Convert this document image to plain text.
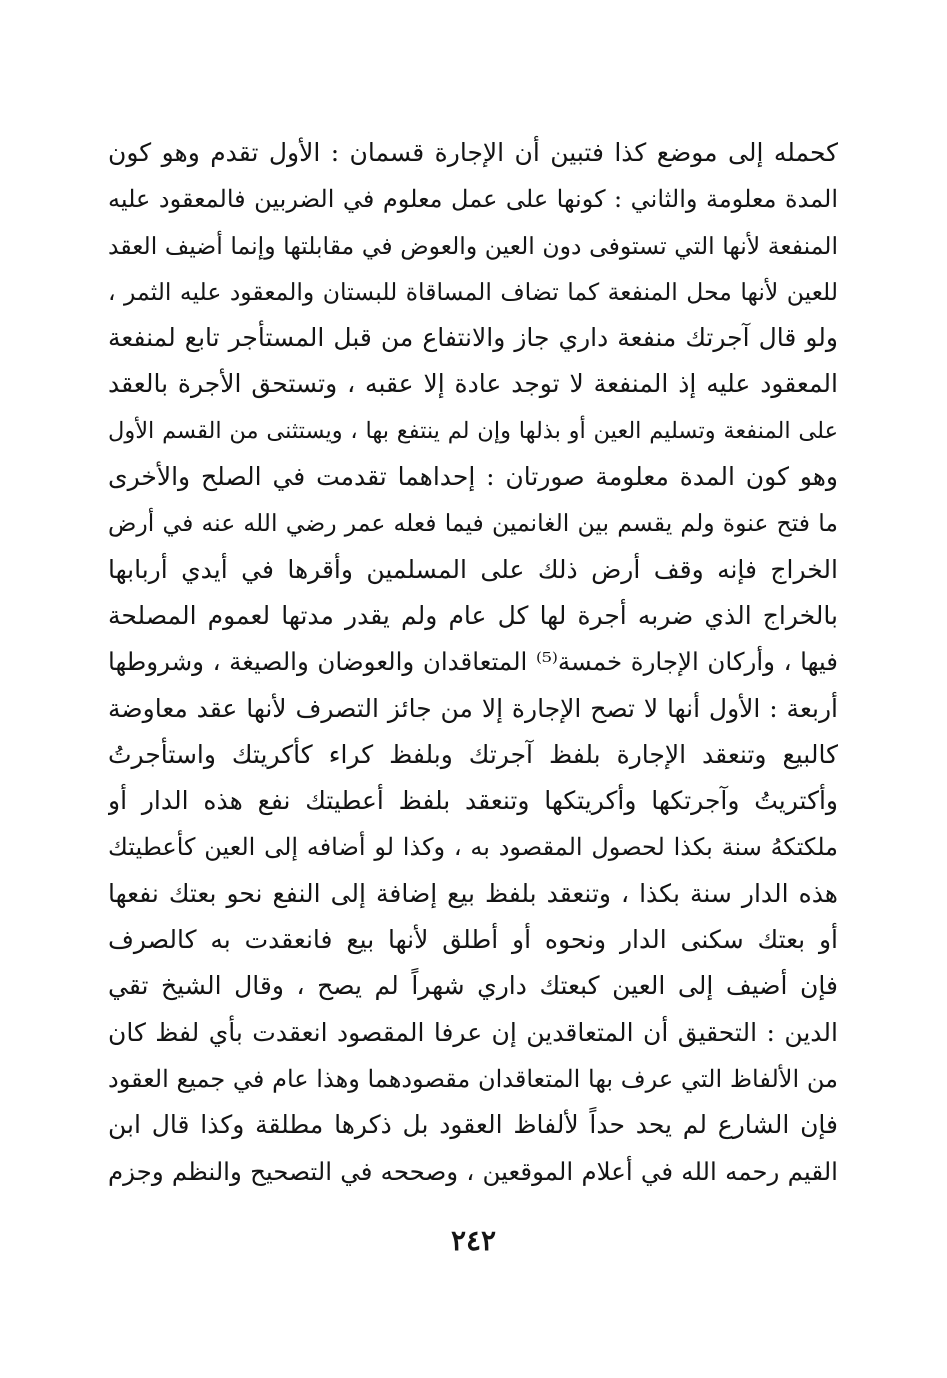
كحمله إلى موضع كذا فتبين أن الإجارة قسمان : الأول تقدم وهو كون
المدة معلومة والثاني : كونها على عمل معلوم في الضربين فالمعقود عليه
المنفعة لأنها التي تستوفى دون العين والعوض في مقابلتها وإنما أضيف العقد
للعين لأنها محل المنفعة كما تضاف المساقاة للبستان والمعقود عليه الثمر ،
ولو قال آجرتك منفعة داري جاز والانتفاع من قبل المستأجر تابع لمنفعة
المعقود عليه إذ المنفعة لا توجد عادة إلا عقبه ، وتستحق الأجرة بالعقد
على المنفعة وتسليم العين أو بذلها وإن لم ينتفع بها ، ويستثنى من القسم الأول
وهو كون المدة معلومة صورتان : إحداهما تقدمت في الصلح والأخرى
ما فتح عنوة ولم يقسم بين الغانمين فيما فعله عمر رضي الله عنه في أرض
الخراج فإنه وقف أرض ذلك على المسلمين وأقرها في أيدي أربابها
بالخراج الذي ضربه أجرة لها كل عام ولم يقدر مدتها لعموم المصلحة
فيها ، وأركان الإجارة خمسة⁽⁵⁾ المتعاقدان والعوضان والصيغة ، وشروطها
أربعة : الأول أنها لا تصح الإجارة إلا من جائز التصرف لأنها عقد معاوضة
كالبيع وتنعقد الإجارة بلفظ آجرتك وبلفظ كراء كأكريتك واستأجرتُ
وأكتريتُ وآجرتكها وأكريتكها وتنعقد بلفظ أعطيتك نفع هذه الدار أو
ملكتكهُ سنة بكذا لحصول المقصود به ، وكذا لو أضافه إلى العين كأعطيتك
هذه الدار سنة بكذا ، وتنعقد بلفظ بيع إضافة إلى النفع نحو بعتك نفعها
أو بعتك سكنى الدار ونحوه أو أطلق لأنها بيع فانعقدت به كالصرف
فإن أضيف إلى العين كبعتك داري شهراً لم يصح ، وقال الشيخ تقي
الدين : التحقيق أن المتعاقدين إن عرفا المقصود انعقدت بأي لفظ كان
من الألفاظ التي عرف بها المتعاقدان مقصودهما وهذا عام في جميع العقود
فإن الشارع لم يحد حداً لألفاظ العقود بل ذكرها مطلقة وكذا قال ابن
القيم رحمه الله في أعلام الموقعين ، وصححه في التصحيح والنظم وجزم
٢٤٢
